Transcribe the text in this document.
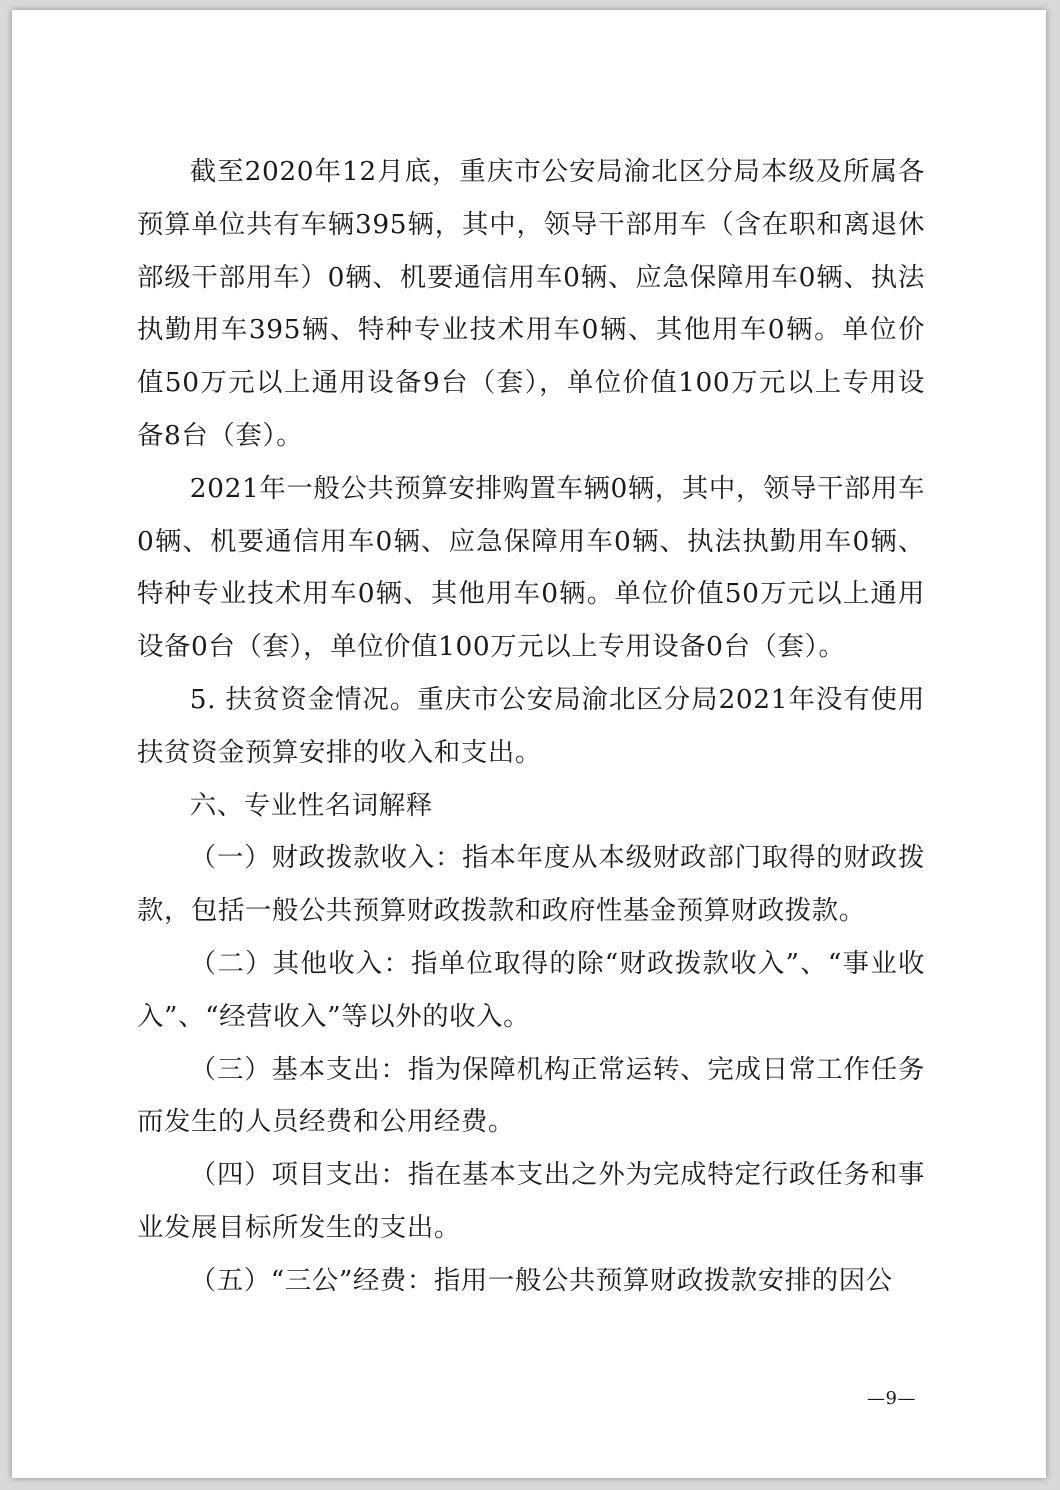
截至2020年12月底，重庆市公安局渝北区分局本级及所属各预算单位共有车辆395辆，其中，领导干部用车（含在职和离退休部级干部用车）0辆、机要通信用车0辆、应急保障用车0辆、执法执勤用车395辆、特种专业技术用车0辆、其他用车0辆。单位价值50万元以上通用设备9台（套），单位价值100万元以上专用设备8台（套）。

2021年一般公共预算安排购置车辆0辆，其中，领导干部用车0辆、机要通信用车0辆、应急保障用车0辆、执法执勤用车0辆、特种专业技术用车0辆、其他用车0辆。单位价值50万元以上通用设备0台（套），单位价值100万元以上专用设备0台（套）。

5. 扶贫资金情况。重庆市公安局渝北区分局2021年没有使用扶贫资金预算安排的收入和支出。

六、专业性名词解释

（一）财政拨款收入：指本年度从本级财政部门取得的财政拨款，包括一般公共预算财政拨款和政府性基金预算财政拨款。

（二）其他收入：指单位取得的除“财政拨款收入”、“事业收入”、“经营收入”等以外的收入。

（三）基本支出：指为保障机构正常运转、完成日常工作任务而发生的人员经费和公用经费。

（四）项目支出：指在基本支出之外为完成特定行政任务和事业发展目标所发生的支出。

（五）“三公”经费：指用一般公共预算财政拨款安排的因公

—9—
